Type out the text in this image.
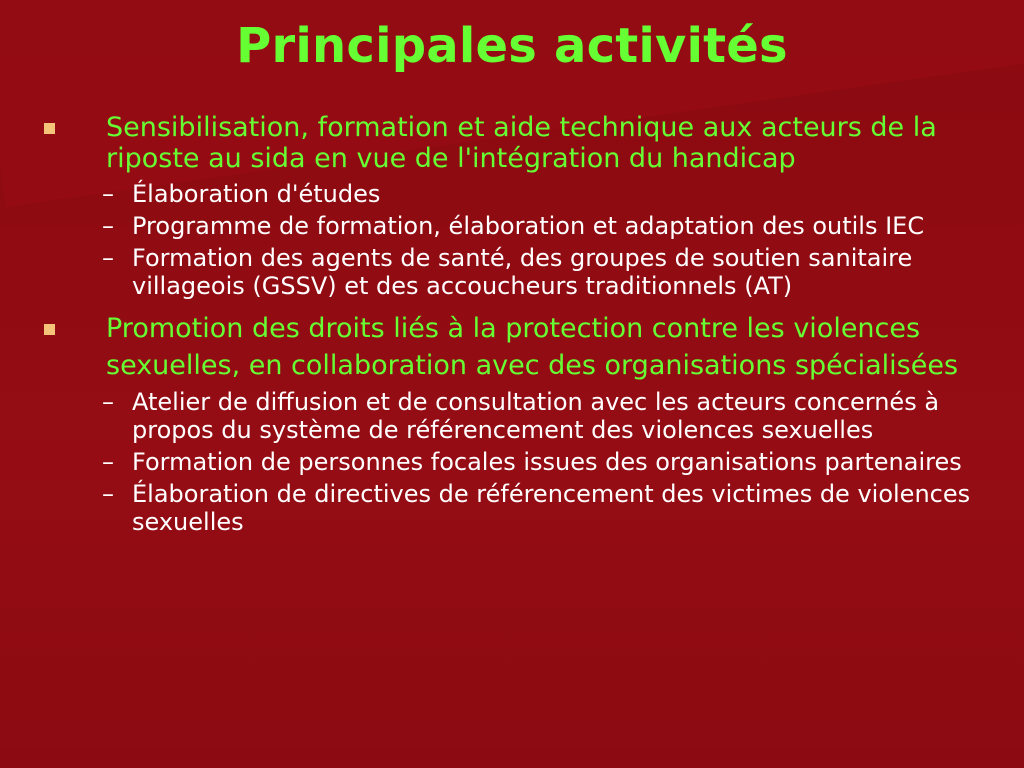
Principales activités
Sensibilisation, formation et aide technique aux acteurs de la riposte au sida en vue de l'intégration du handicap
– Élaboration d'études
– Programme de formation, élaboration et adaptation des outils IEC
– Formation des agents de santé, des groupes de soutien sanitaire villageois (GSSV) et des accoucheurs traditionnels (AT)
Promotion des droits liés à la protection contre les violences sexuelles, en collaboration avec des organisations spécialisées
– Atelier de diffusion et de consultation avec les acteurs concernés à propos du système de référencement des violences sexuelles
– Formation de personnes focales issues des organisations partenaires
– Élaboration de directives de référencement des victimes de violences sexuelles
